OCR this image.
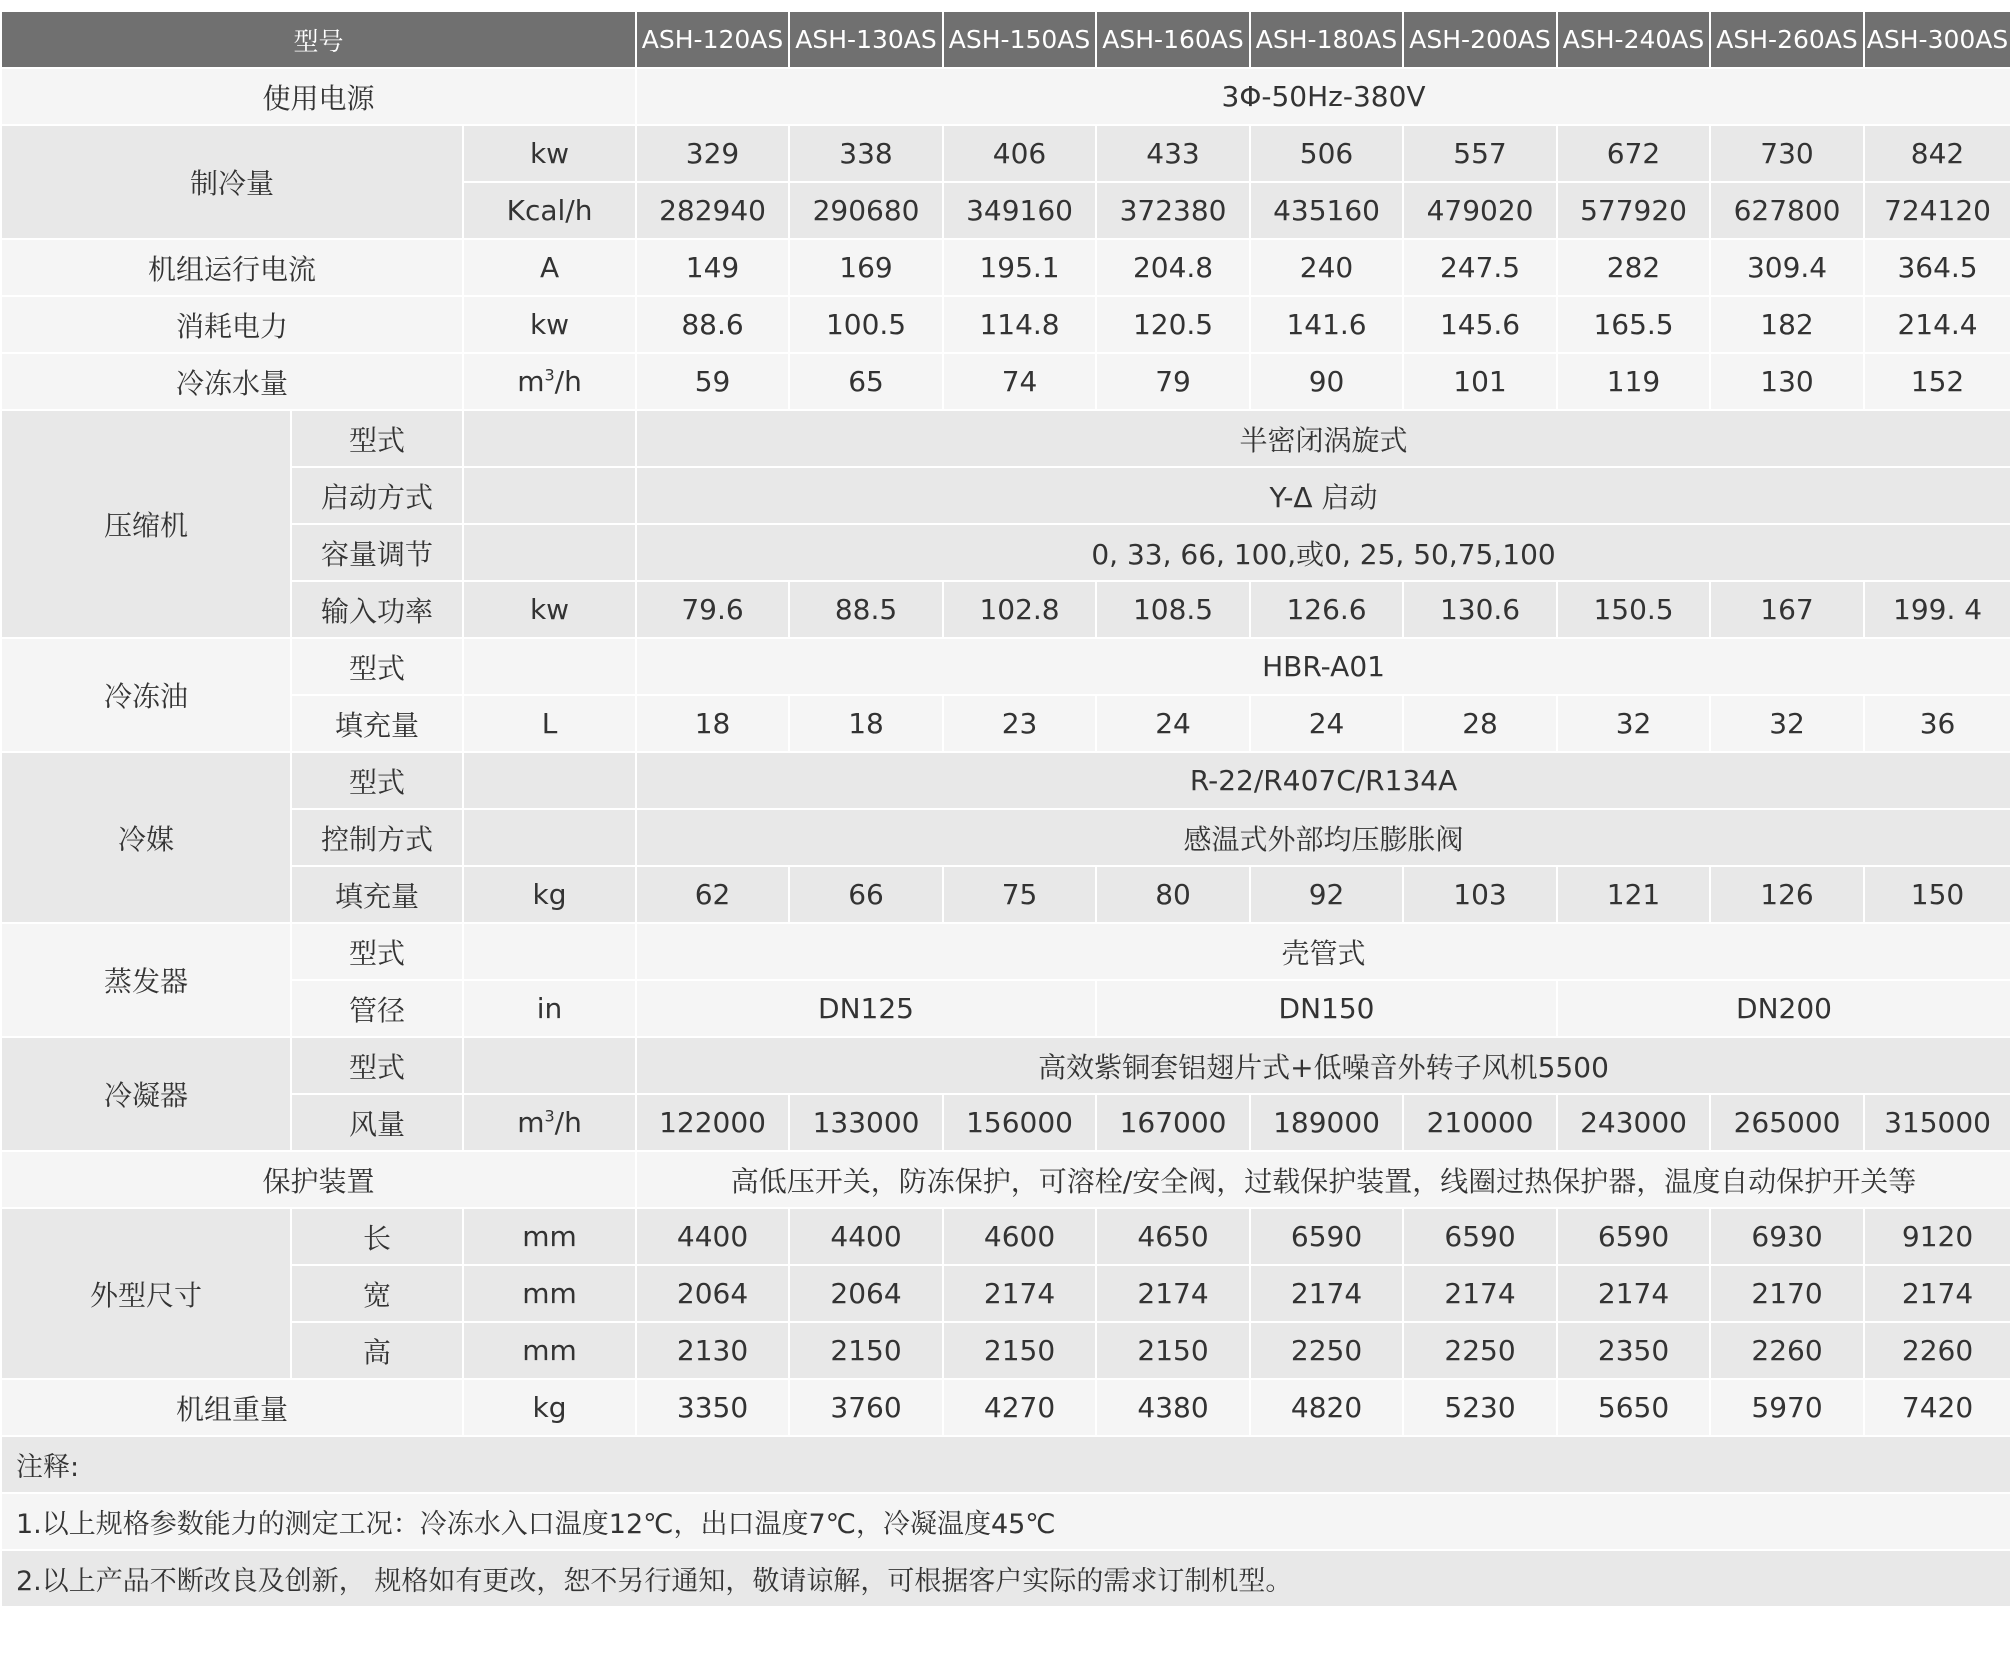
型号			ASH-120AS	ASH-130AS	ASH-150AS	ASH-160AS	ASH-180AS	ASH-200AS	ASH-240AS	ASH-260AS	ASH-300AS
使用电源			3Φ-50Hz-380V								
制冷量		kw	329	338	406	433	506	557	672	730	842
		Kcal/h	282940	290680	349160	372380	435160	479020	577920	627800	724120
机组运行电流		A	149	169	195.1	204.8	240	247.5	282	309.4	364.5
消耗电力		kw	88.6	100.5	114.8	120.5	141.6	145.6	165.5	182	214.4
冷冻水量		$m^3/h$	59	65	74	79	90	101	119	130	152
压缩机	型式		半密闭涡旋式								
	启动方式		Y-Δ 启动								
	容量调节		0, 33, 66, 100,或0, 25, 50,75,100								
	输入功率	kw	79.6	88.5	102.8	108.5	126.6	130.6	150.5	167	199. 4
冷冻油	型式		HBR-A01								
	填充量	L	18	18	23	24	24	28	32	32	36
冷媒	型式		R-22/R407C/R134A								
	控制方式		感温式外部均压膨胀阀								
	填充量	kg	62	66	75	80	92	103	121	126	150
蒸发器	型式		壳管式								
	管径	in	DN125			DN150			DN200		
冷凝器	型式		高效紫铜套铝翅片式+低噪音外转子风机5500								
	风量	$m^3/h$	122000	133000	156000	167000	189000	210000	243000	265000	315000
保护装置			高低压开关，防冻保护，可溶栓/安全阀，过载保护装置，线圈过热保护器，温度自动保护开关等								
外型尺寸	长	mm	4400	4400	4600	4650	6590	6590	6590	6930	9120
	宽	mm	2064	2064	2174	2174	2174	2174	2174	2170	2174
	高	mm	2130	2150	2150	2150	2250	2250	2350	2260	2260
机组重量		kg	3350	3760	4270	4380	4820	5230	5650	5970	7420
注释:											
1.以上规格参数能力的测定工况：冷冻水入口温度12℃，出口温度7℃，冷凝温度45℃											
2.以上产品不断改良及创新， 规格如有更改，恕不另行通知，敬请谅解，可根据客户实际的需求订制机型。											
